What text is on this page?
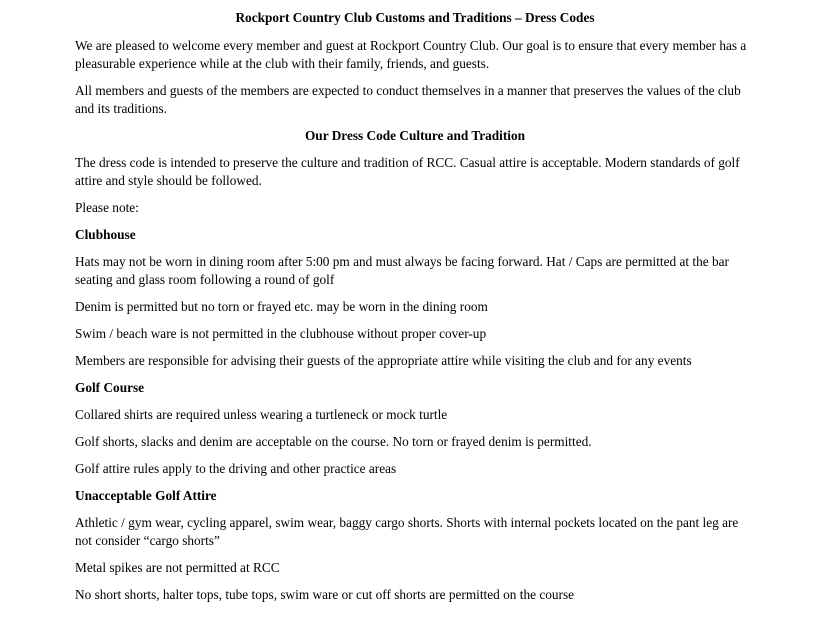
Rockport Country Club Customs and Traditions – Dress Codes

We are pleased to welcome every member and guest at Rockport Country Club. Our goal is to ensure that every member has a pleasurable experience while at the club with their family, friends, and guests.

All members and guests of the members are expected to conduct themselves in a manner that preserves the values of the club and its traditions.

Our Dress Code Culture and Tradition

The dress code is intended to preserve the culture and tradition of RCC. Casual attire is acceptable. Modern standards of golf attire and style should be followed.

Please note:

Clubhouse

Hats may not be worn in dining room after 5:00 pm and must always be facing forward. Hat / Caps are permitted at the bar seating and glass room following a round of golf

Denim is permitted but no torn or frayed etc. may be worn in the dining room

Swim / beach ware is not permitted in the clubhouse without proper cover-up

Members are responsible for advising their guests of the appropriate attire while visiting the club and for any events

Golf Course

Collared shirts are required unless wearing a turtleneck or mock turtle

Golf shorts, slacks and denim are acceptable on the course. No torn or frayed denim is permitted.

Golf attire rules apply to the driving and other practice areas

Unacceptable Golf Attire

Athletic / gym wear, cycling apparel, swim wear, baggy cargo shorts. Shorts with internal pockets located on the pant leg are not consider “cargo shorts”

Metal spikes are not permitted at RCC

No short shorts, halter tops, tube tops, swim ware or cut off shorts are permitted on the course
